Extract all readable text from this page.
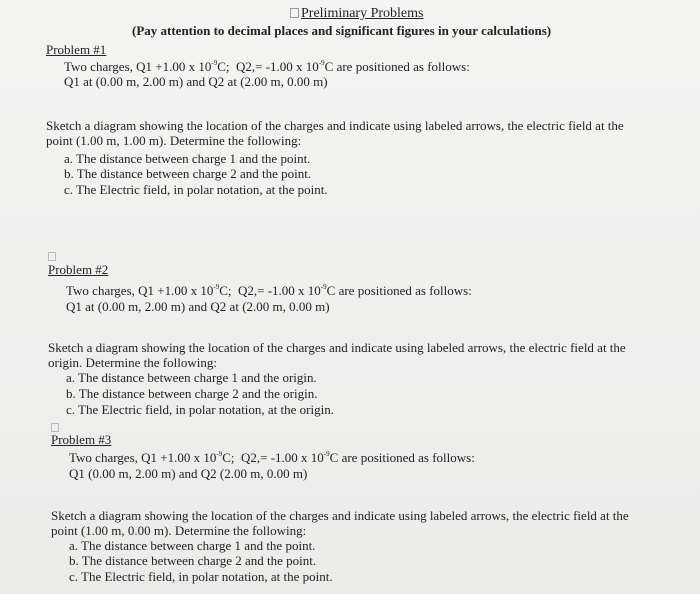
Preliminary Problems
(Pay attention to decimal places and significant figures in your calculations)
Problem #1
Two charges, Q1 +1.00 x $10^{-9}C$; Q2,= -1.00 x $10^{-9}C$ are positioned as follows:
Q1 at (0.00 m, 2.00 m) and Q2 at (2.00 m, 0.00 m)
Sketch a diagram showing the location of the charges and indicate using labeled arrows, the electric field at the
point (1.00 m, 1.00 m). Determine the following:
a. The distance between charge 1 and the point.
b. The distance between charge 2 and the point.
c. The Electric field, in polar notation, at the point.
Problem #2
Two charges, Q1 +1.00 x $10^{-9}C$; Q2,= -1.00 x $10^{-9}C$ are positioned as follows:
Q1 at (0.00 m, 2.00 m) and Q2 at (2.00 m, 0.00 m)
Sketch a diagram showing the location of the charges and indicate using labeled arrows, the electric field at the
origin. Determine the following:
a. The distance between charge 1 and the origin.
b. The distance between charge 2 and the origin.
c. The Electric field, in polar notation, at the origin.
Problem #3
Two charges, Q1 +1.00 x $10^{-9}C$; Q2,= -1.00 x $10^{-9}C$ are positioned as follows:
Q1 (0.00 m, 2.00 m) and Q2 (2.00 m, 0.00 m)
Sketch a diagram showing the location of the charges and indicate using labeled arrows, the electric field at the
point (1.00 m, 0.00 m). Determine the following:
a. The distance between charge 1 and the point.
b. The distance between charge 2 and the point.
c. The Electric field, in polar notation, at the point.
